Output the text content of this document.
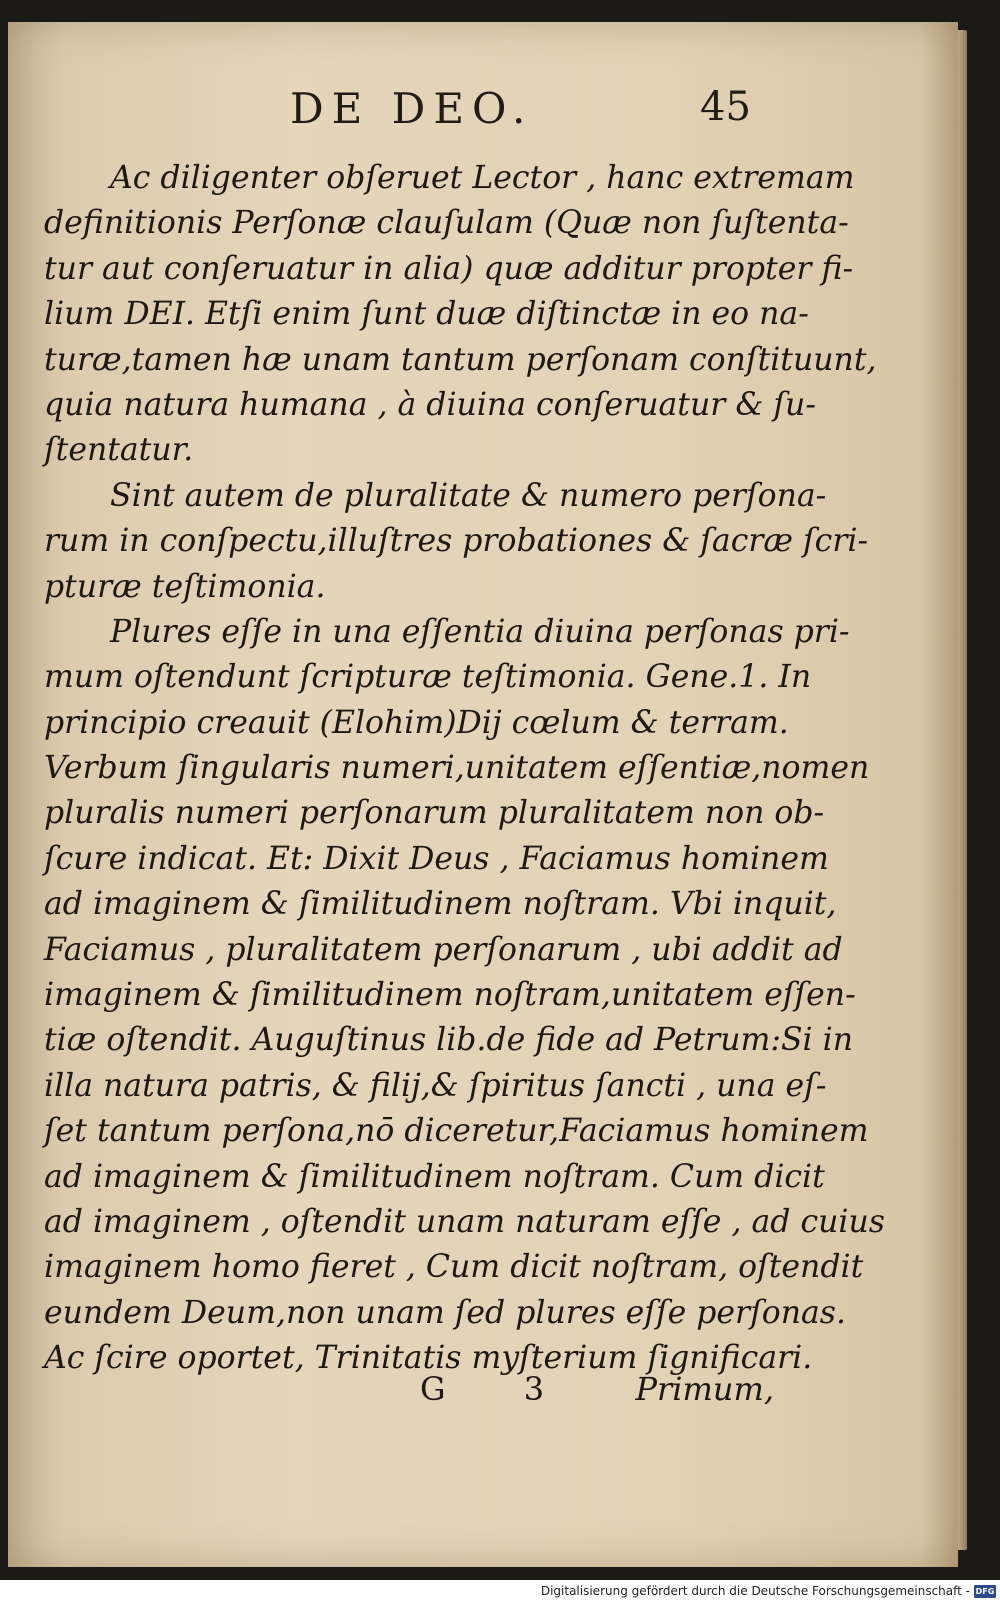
DE DEO.	45
Ac diligenter obſeruet Lector , hanc extremam
definitionis Perſonæ clauſulam (Quæ non ſuſtenta-
tur aut conſeruatur in alia) quæ additur propter fi-
lium DEI. Etſi enim ſunt duæ diſtinctæ in eo na-
turæ,tamen hæ unam tantum perſonam conſtituunt,
quia natura humana , à diuina conſeruatur & ſu-
ſtentatur.
Sint autem de pluralitate & numero perſona-
rum in conſpectu,illuſtres probationes & ſacræ ſcri-
pturæ teſtimonia.
Plures eſſe in una eſſentia diuina perſonas pri-
mum oſtendunt ſcripturæ teſtimonia. Gene.1. In
principio creauit (Elohim)Dij cœlum & terram.
Verbum ſingularis numeri,unitatem eſſentiæ,nomen
pluralis numeri perſonarum pluralitatem non ob-
ſcure indicat. Et: Dixit Deus , Faciamus hominem
ad imaginem & ſimilitudinem noſtram. Vbi inquit,
Faciamus , pluralitatem perſonarum , ubi addit ad
imaginem & ſimilitudinem noſtram,unitatem eſſen-
tiæ oſtendit. Auguſtinus lib.de fide ad Petrum:Si in
illa natura patris, & filij,& ſpiritus ſancti , una eſ-
ſet tantum perſona,nō diceretur,Faciamus hominem
ad imaginem & ſimilitudinem noſtram. Cum dicit
ad imaginem , oſtendit unam naturam eſſe , ad cuius
imaginem homo fieret , Cum dicit noſtram, oſtendit
eundem Deum,non unam ſed plures eſſe perſonas.
Ac ſcire oportet, Trinitatis myſterium ſignificari.
G 3 Primum,
Digitalisierung gefördert durch die Deutsche Forschungsgemeinschaft - DFG
